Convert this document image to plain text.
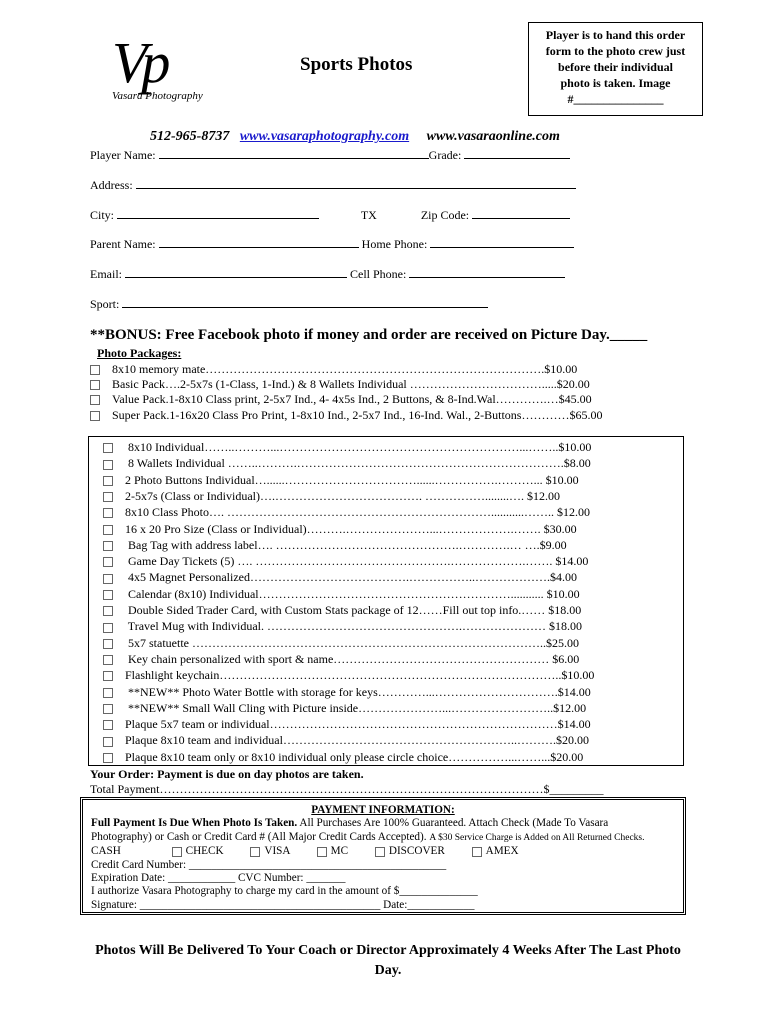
Vp
Vasara Photography
Sports Photos
Player is to hand this order
form to the photo crew just
before their individual
photo is taken. Image
#_______________
512-965-8737 www.vasaraphotography.com www.vasaraonline.com
Player Name:	Grade:
Address:
City:	TX	Zip Code:
Parent Name:	Home Phone:
Email:	Cell Phone:
Sport:
**BONUS: Free Facebook photo if money and order are received on Picture Day._____
Photo Packages:
8x10 memory mate………………………………………………………………………….$10.00
Basic Pack….2-5x7s (1-Class, 1-Ind.) & 8 Wallets Individual …………………………….....$20.00
Value Pack.1-8x10 Class print, 2-5x7 Ind., 4- 4x5s Ind., 2 Buttons, & 8-Ind.Wal………….…$45.00
Super Pack.1-16x20 Class Pro Print, 1-8x10 Ind., 2-5x7 Ind., 16-Ind. Wal., 2-Buttons…………$65.00
8x10 Individual……..………...……………………………………………………...……..$10.00
8 Wallets Individual ……..……….………………………………………………………….$8.00
2 Photo Buttons Individual…......……………………………......…………….………... $10.00
2-5x7s (Class or Individual)….………………………………. ……………........…. $12.00
8x10 Class Photo…. …………………………………………………………...........…….. $12.00
16 x 20 Pro Size (Class or Individual)……….…………………...……………….……. $30.00
Bag Tag with address label…. ……………………………………….………….… ….$9.00
Game Day Tickets (5) …. ………………………………………….……………….……. $14.00
4x5 Magnet Personalized………………………………….……………..……………….$4.00
Calendar (8x10) Individual………………………………………………………........... $10.00
Double Sided Trader Card, with Custom Stats package of 12……Fill out top info.…… $18.00
Travel Mug with Individual. ………………………………………….………………… $18.00
5x7 statuette ……………………………………………………………………………..$25.00
Key chain personalized with sport & name……………………………………………… $6.00
Flashlight keychain…………………………………………………………………………..$10.00
**NEW** Photo Water Bottle with storage for keys…………...………………………….$14.00
**NEW** Small Wall Cling with Picture inside…………………...……………………..$12.00
Plaque 5x7 team or individual………………………………………………………………$14.00
Plaque 8x10 team and individual…………………………………………………..……….$20.00
Plaque 8x10 team only or 8x10 individual only please circle choice……………...……...$20.00
Your Order: Payment is due on day photos are taken.
Total Payment……………………………………………………………………………………$_________
PAYMENT INFORMATION:
Full Payment Is Due When Photo Is Taken. All Purchases Are 100% Guaranteed. Attach Check (Made To Vasara
Photography) or Cash or Credit Card # (All Major Credit Cards Accepted). A $30 Service Charge is Added on All Returned Checks.
CASH	CHECK	VISA	MC	DISCOVER	AMEX
Credit Card Number: ______________________________________________
Expiration Date: ____________ CVC Number: _______
I authorize Vasara Photography to charge my card in the amount of $______________
Signature: ___________________________________________ Date:____________
Photos Will Be Delivered To Your Coach or Director Approximately 4 Weeks After The Last Photo Day.
